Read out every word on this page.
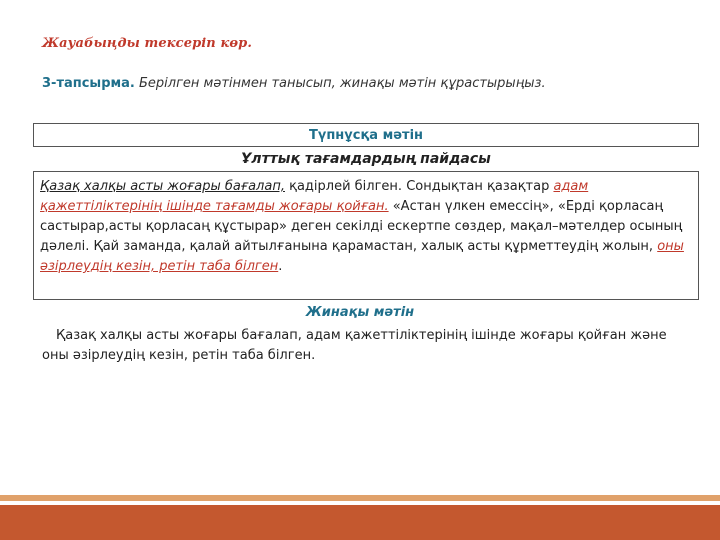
Жауабыңды тексеріп көр.
3-тапсырма. Берілген мәтінмен танысып, жинақы мәтін құрастырыңыз.
Түпнұсқа мәтін
Ұлттық тағамдардың пайдасы
Қазақ халқы асты жоғары бағалап, қадірлей білген. Сондықтан қазақтар адам қажеттіліктерінің ішінде тағамды жоғары қойған. «Астан үлкен емессің», «Ерді қорласаң састырар,асты қорласаң құстырар» деген секілді ескертпе сөздер, мақал–мәтелдер осының дәлелі. Қай заманда, қалай айтылғанына қарамастан, халық асты құрметтеудің жолын, оны әзірлеудің кезін, ретін таба білген.
Жинақы мәтін
Қазақ халқы асты жоғары бағалап, адам қажеттіліктерінің ішінде жоғары қойған және оны әзірлеудің кезін, ретін таба білген.
